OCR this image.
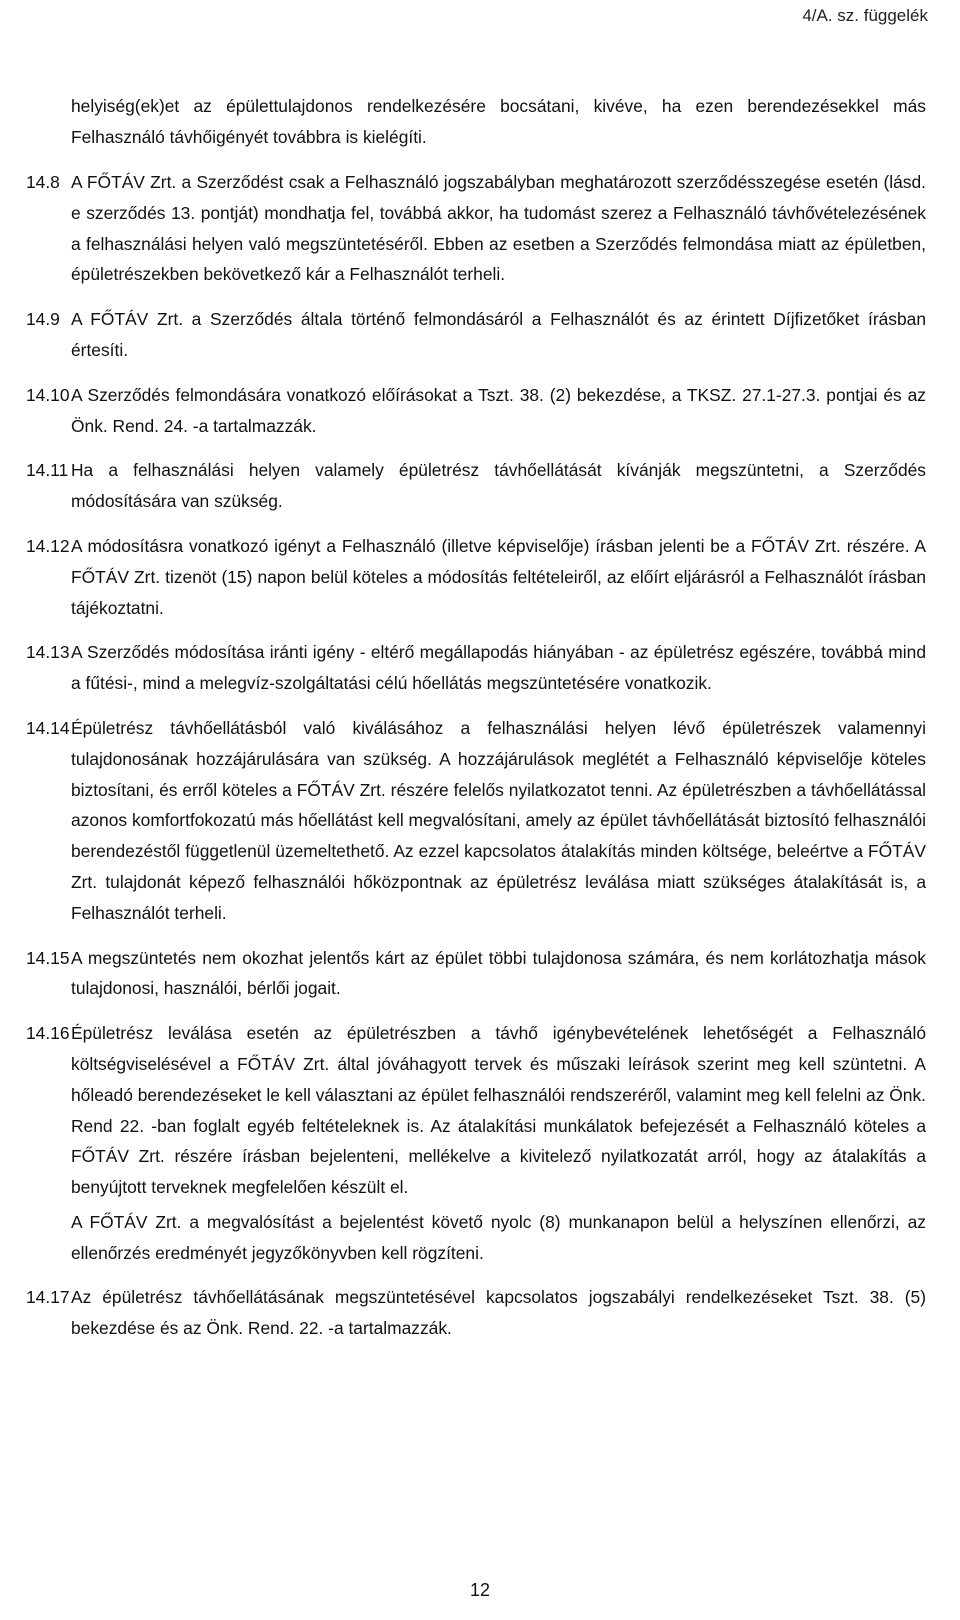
4/A. sz. függelék

helyiség(ek)et az épülettulajdonos rendelkezésére bocsátani, kivéve, ha ezen berendezésekkel más Felhasználó távhőigényét továbbra is kielégíti.

14.8 A FŐTÁV Zrt. a Szerződést csak a Felhasználó jogszabályban meghatározott szerződésszegése esetén (lásd. e szerződés 13. pontját) mondhatja fel, továbbá akkor, ha tudomást szerez a Felhasználó távhővételezésének a felhasználási helyen való megszüntetéséről. Ebben az esetben a Szerződés felmondása miatt az épületben, épületrészekben bekövetkező kár a Felhasználót terheli.

14.9 A FŐTÁV Zrt. a Szerződés általa történő felmondásáról a Felhasználót és az érintett Díjfizetőket írásban értesíti.

14.10 A Szerződés felmondására vonatkozó előírásokat a Tszt. 38. (2) bekezdése, a TKSZ. 27.1-27.3. pontjai és az Önk. Rend. 24. -a tartalmazzák.

14.11 Ha a felhasználási helyen valamely épületrész távhőellátását kívánják megszüntetni, a Szerződés módosítására van szükség.

14.12 A módosításra vonatkozó igényt a Felhasználó (illetve képviselője) írásban jelenti be a FŐTÁV Zrt. részére. A FŐTÁV Zrt. tizenöt (15) napon belül köteles a módosítás feltételeiről, az előírt eljárásról a Felhasználót írásban tájékoztatni.

14.13 A Szerződés módosítása iránti igény - eltérő megállapodás hiányában - az épületrész egészére, továbbá mind a fűtési-, mind a melegvíz-szolgáltatási célú hőellátás megszüntetésére vonatkozik.

14.14 Épületrész távhőellátásból való kiválásához a felhasználási helyen lévő épületrészek valamennyi tulajdonosának hozzájárulására van szükség. A hozzájárulások meglétét a Felhasználó képviselője köteles biztosítani, és erről köteles a FŐTÁV Zrt. részére felelős nyilatkozatot tenni. Az épületrészben a távhőellátással azonos komfortfokozatú más hőellátást kell megvalósítani, amely az épület távhőellátását biztosító felhasználói berendezéstől függetlenül üzemeltethető. Az ezzel kapcsolatos átalakítás minden költsége, beleértve a FŐTÁV Zrt. tulajdonát képező felhasználói hőközpontnak az épületrész leválása miatt szükséges átalakítását is, a Felhasználót terheli.

14.15 A megszüntetés nem okozhat jelentős kárt az épület többi tulajdonosa számára, és nem korlátozhatja mások tulajdonosi, használói, bérlői jogait.

14.16 Épületrész leválása esetén az épületrészben a távhő igénybevételének lehetőségét a Felhasználó költségviselésével a FŐTÁV Zrt. által jóváhagyott tervek és műszaki leírások szerint meg kell szüntetni. A hőleadó berendezéseket le kell választani az épület felhasználói rendszeréről, valamint meg kell felelni az Önk. Rend 22. -ban foglalt egyéb feltételeknek is. Az átalakítási munkálatok befejezését a Felhasználó köteles a FŐTÁV Zrt. részére írásban bejelenteni, mellékelve a kivitelező nyilatkozatát arról, hogy az átalakítás a benyújtott terveknek megfelelően készült el.

A FŐTÁV Zrt. a megvalósítást a bejelentést követő nyolc (8) munkanapon belül a helyszínen ellenőrzi, az ellenőrzés eredményét jegyzőkönyvben kell rögzíteni.

14.17 Az épületrész távhőellátásának megszüntetésével kapcsolatos jogszabályi rendelkezéseket Tszt. 38. (5) bekezdése és az Önk. Rend. 22. -a tartalmazzák.

12
